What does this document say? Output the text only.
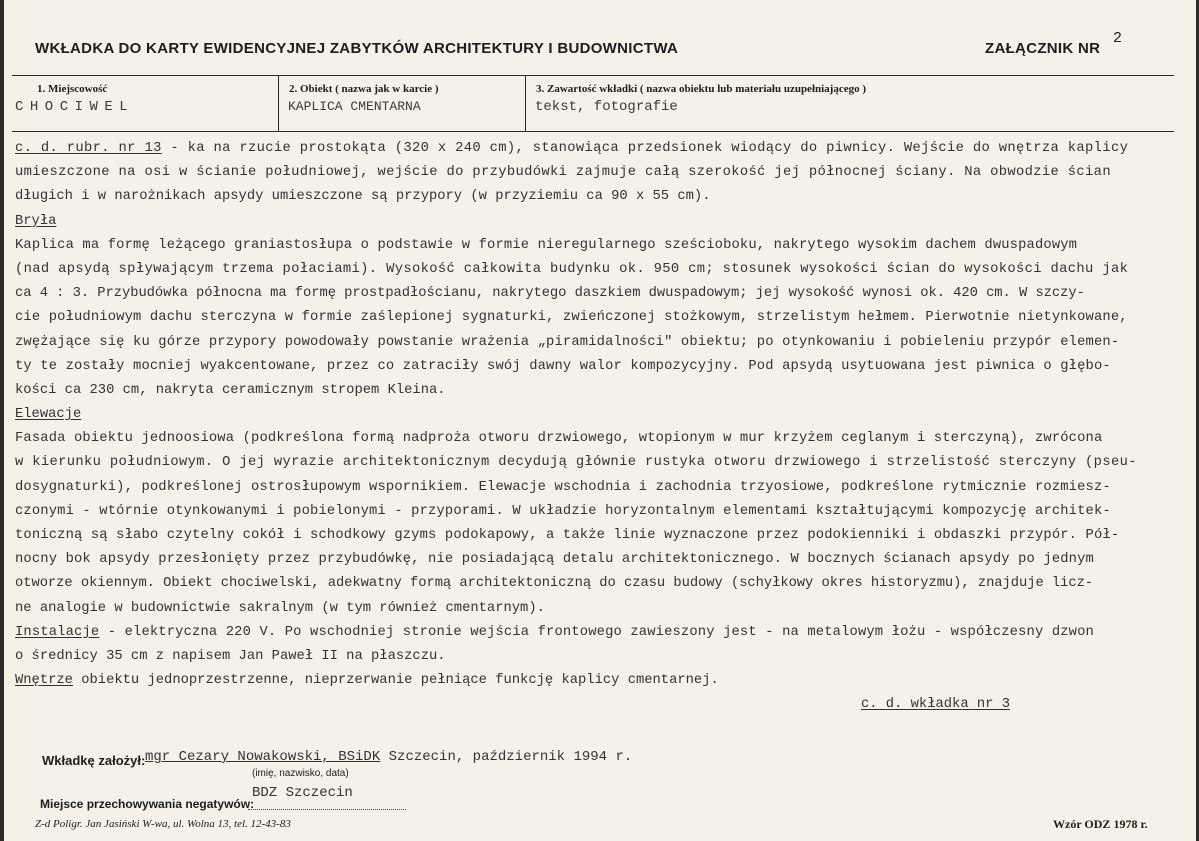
WKŁADKA DO KARTY EWIDENCYJNEJ ZABYTKÓW ARCHITEKTURY I BUDOWNICTWA	ZAŁĄCZNIK NR
2
1. Miejscowość
CHOCIWEL
2. Obiekt ( nazwa jak w karcie )
KAPLICA CMENTARNA
3. Zawartość wkładki ( nazwa obiektu lub materiału uzupełniającego )
tekst, fotografie
c. d. rubr. nr 13 - ka na rzucie prostokąta (320 x 240 cm), stanowiąca przedsionek wiodący do piwnicy. Wejście do wnętrza kaplicy
umieszczone na osi w ścianie południowej, wejście do przybudówki zajmuje całą szerokość jej północnej ściany. Na obwodzie ścian
długich i w narożnikach apsydy umieszczone są przypory (w przyziemiu ca 90 x 55 cm).
Bryła
Kaplica ma formę leżącego graniastosłupa o podstawie w formie nieregularnego sześcioboku, nakrytego wysokim dachem dwuspadowym
(nad apsydą spływającym trzema połaciami). Wysokość całkowita budynku ok. 950 cm; stosunek wysokości ścian do wysokości dachu jak
ca 4 : 3. Przybudówka północna ma formę prostpadłościanu, nakrytego daszkiem dwuspadowym; jej wysokość wynosi ok. 420 cm. W szczy-
cie południowym dachu sterczyna w formie zaślepionej sygnaturki, zwieńczonej stożkowym, strzelistym hełmem. Pierwotnie nietynkowane,
zwężające się ku górze przypory powodowały powstanie wrażenia „piramidalności" obiektu; po otynkowaniu i pobieleniu przypór elemen-
ty te zostały mocniej wyakcentowane, przez co zatraciły swój dawny walor kompozycyjny. Pod apsydą usytuowana jest piwnica o głębo-
kości ca 230 cm, nakryta ceramicznym stropem Kleina.
Elewacje
Fasada obiektu jednoosiowa (podkreślona formą nadproża otworu drzwiowego, wtopionym w mur krzyżem ceglanym i sterczyną), zwrócona
w kierunku południowym. O jej wyrazie architektonicznym decydują głównie rustyka otworu drzwiowego i strzelistość sterczyny (pseu-
dosygnaturki), podkreślonej ostrosłupowym wspornikiem. Elewacje wschodnia i zachodnia trzyosiowe, podkreślone rytmicznie rozmiesz-
czonymi - wtórnie otynkowanymi i pobielonymi - przyporami. W układzie horyzontalnym elementami kształtującymi kompozycję architek-
toniczną są słabo czytelny cokół i schodkowy gzyms podokapowy, a także linie wyznaczone przez podokienniki i obdaszki przypór. Pół-
nocny bok apsydy przesłonięty przez przybudówkę, nie posiadającą detalu architektonicznego. W bocznych ścianach apsydy po jednym
otworze okiennym. Obiekt chociwelski, adekwatny formą architektoniczną do czasu budowy (schyłkowy okres historyzmu), znajduje licz-
ne analogie w budownictwie sakralnym (w tym również cmentarnym).
Instalacje - elektryczna 220 V. Po wschodniej stronie wejścia frontowego zawieszony jest - na metalowym łożu - współczesny dzwon
o średnicy 35 cm z napisem Jan Paweł II na płaszczu.
Wnętrze obiektu jednoprzestrzenne, nieprzerwanie pełniące funkcję kaplicy cmentarnej.
c. d. wkładka nr 3
Wkładkę założył: mgr Cezary Nowakowski, BSiDK Szczecin, październik 1994 r.
(imię, nazwisko, data)
Miejsce przechowywania negatywów:
BDZ Szczecin
Z-d Poligr. Jan Jasiński W-wa, ul. Wolna 13, tel. 12-43-83	Wzór ODZ 1978 r.
